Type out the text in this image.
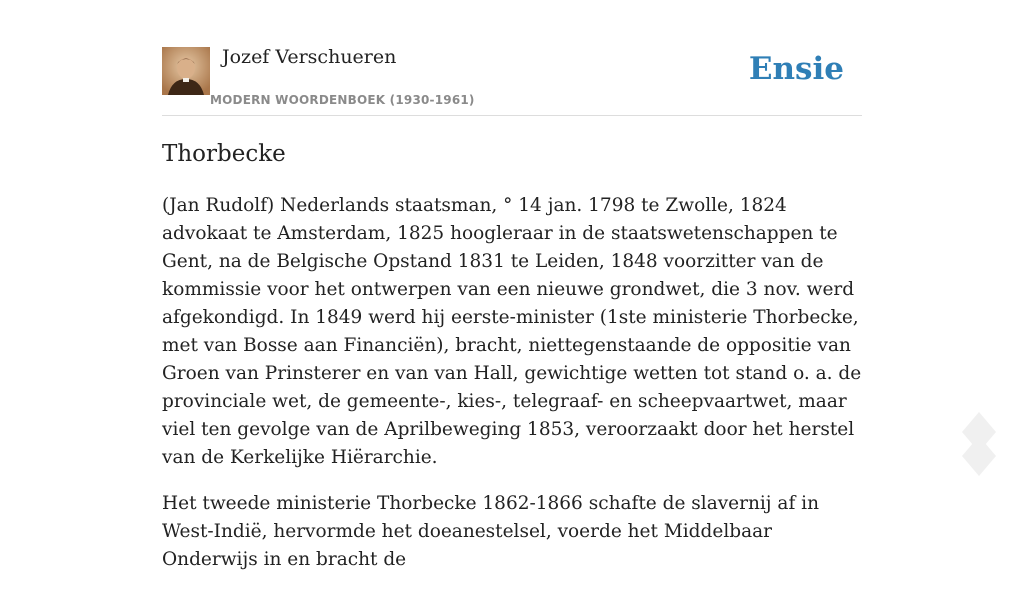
Jozef Verschueren
MODERN WOORDENBOEK (1930-1961)
Ensie
Thorbecke

(Jan Rudolf) Nederlands staatsman, ° 14 jan. 1798 te Zwolle, 1824 advokaat te Amsterdam, 1825 hoogleraar in de staatswetenschappen te Gent, na de Belgische Opstand 1831 te Leiden, 1848 voorzitter van de kommissie voor het ontwerpen van een nieuwe grondwet, die 3 nov. werd afgekondigd. In 1849 werd hij eerste-minister (1ste ministerie Thorbecke, met van Bosse aan Financiën), bracht, niettegenstaande de oppositie van Groen van Prinsterer en van van Hall, gewichtige wetten tot stand o. a. de provinciale wet, de gemeente-, kies-, telegraaf- en scheepvaartwet, maar viel ten gevolge van de Aprilbeweging 1853, veroorzaakt door het herstel van de Kerkelijke Hiërarchie.

Het tweede ministerie Thorbecke 1862-1866 schafte de slavernij af in West-Indië, hervormde het doeanestelsel, voerde het Middelbaar Onderwijs in en bracht de
